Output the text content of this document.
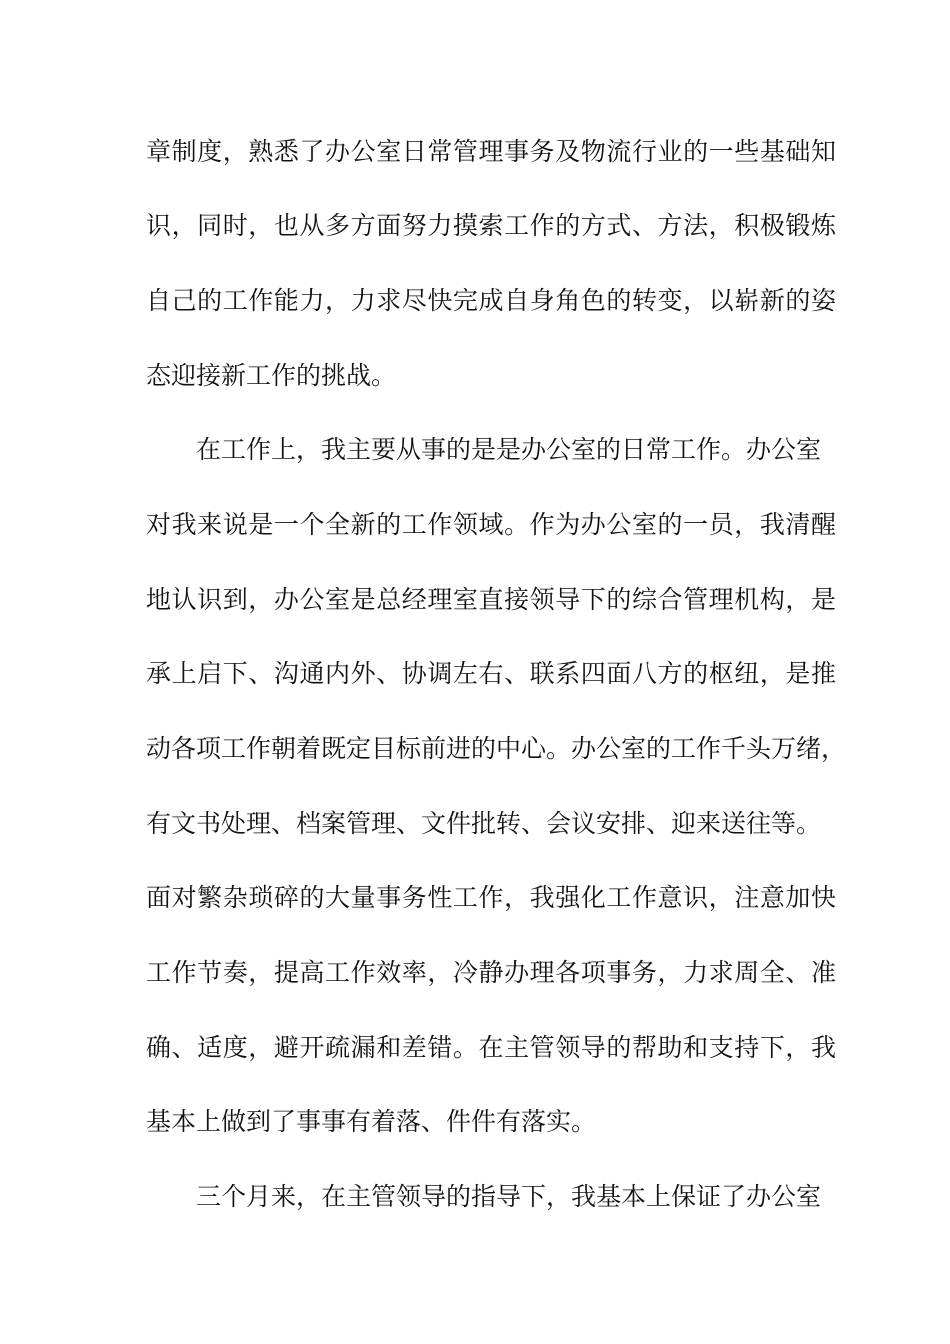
章制度，熟悉了办公室日常管理事务及物流行业的一些基础知
识，同时，也从多方面努力摸索工作的方式、方法，积极锻炼
自己的工作能力，力求尽快完成自身角色的转变，以崭新的姿
态迎接新工作的挑战。
在工作上，我主要从事的是是办公室的日常工作。办公室
对我来说是一个全新的工作领域。作为办公室的一员，我清醒
地认识到，办公室是总经理室直接领导下的综合管理机构，是
承上启下、沟通内外、协调左右、联系四面八方的枢纽，是推
动各项工作朝着既定目标前进的中心。办公室的工作千头万绪，
有文书处理、档案管理、文件批转、会议安排、迎来送往等。
面对繁杂琐碎的大量事务性工作，我强化工作意识，注意加快
工作节奏，提高工作效率，冷静办理各项事务，力求周全、准
确、适度，避开疏漏和差错。在主管领导的帮助和支持下，我
基本上做到了事事有着落、件件有落实。
三个月来，在主管领导的指导下，我基本上保证了办公室
